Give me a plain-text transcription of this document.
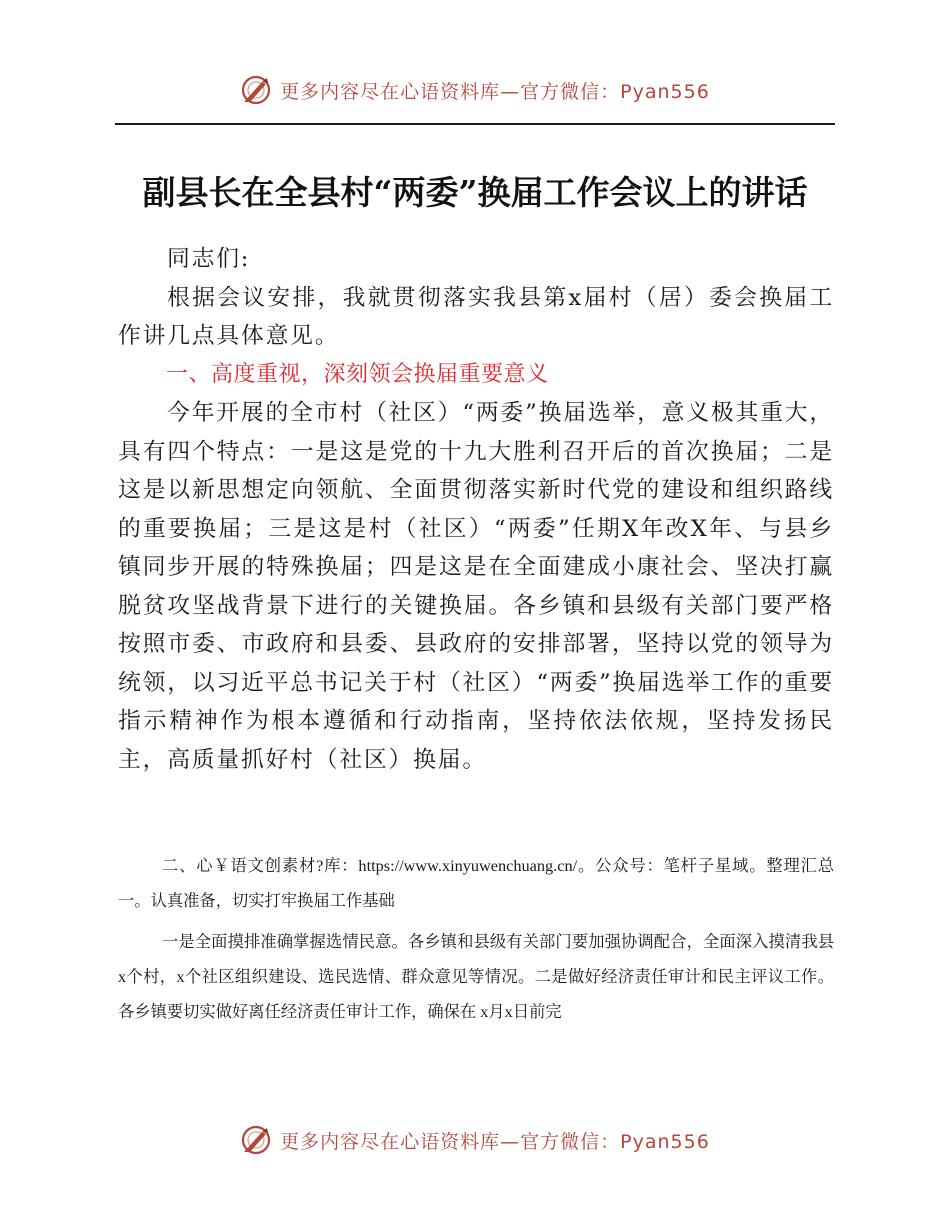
更多内容尽在心语资料库—官方微信：Pyan556
副县长在全县村“两委”换届工作会议上的讲话

同志们:

根据会议安排，我就贯彻落实我县第x届村（居）委会换届工作讲几点具体意见。

一、高度重视，深刻领会换届重要意义

今年开展的全市村（社区）“两委”换届选举，意义极其重大，具有四个特点：一是这是党的十九大胜利召开后的首次换届；二是这是以新思想定向领航、全面贯彻落实新时代党的建设和组织路线的重要换届；三是这是村（社区）“两委”任期X年改X年、与县乡镇同步开展的特殊换届；四是这是在全面建成小康社会、坚决打赢脱贫攻坚战背景下进行的关键换届。各乡镇和县级有关部门要严格按照市委、市政府和县委、县政府的安排部署，坚持以党的领导为统领，以习近平总书记关于村（社区）“两委”换届选举工作的重要指示精神作为根本遵循和行动指南，坚持依法依规，坚持发扬民主，高质量抓好村（社区）换届。

二、心￥语文创素材?库：https://www.xinyuwenchuang.cn/。公众号：笔杆子星域。整理汇总一。认真准备，切实打牢换届工作基础

一是全面摸排准确掌握选情民意。各乡镇和县级有关部门要加强协调配合，全面深入摸清我县x个村，x个社区组织建设、选民选情、群众意见等情况。二是做好经济责任审计和民主评议工作。各乡镇要切实做好离任经济责任审计工作，确保在 x月x日前完

更多内容尽在心语资料库—官方微信：Pyan556
